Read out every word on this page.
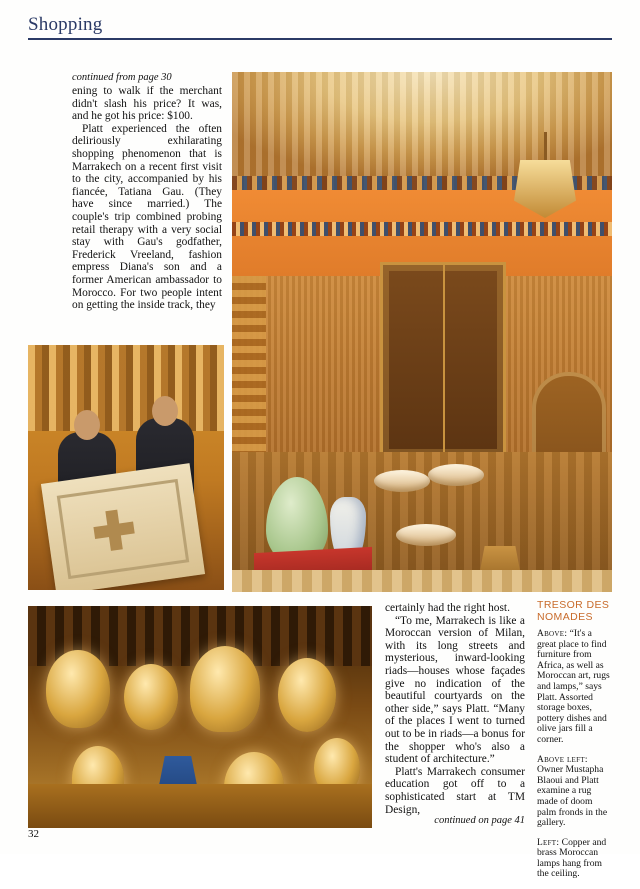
Shopping
continued from page 30

ening to walk if the merchant didn't slash his price? It was, and he got his price: $100.

Platt experienced the often deliriously exhilarating shopping phenomenon that is Marrakech on a recent first visit to the city, accompanied by his fiancée, Tatiana Gau. (They have since married.) The couple's trip combined probing retail therapy with a very social stay with Gau's godfather, Frederick Vreeland, fashion empress Diana's son and a former American ambassador to Morocco. For two people intent on getting the inside track, they

certainly had the right host.

“To me, Marrakech is like a Moroccan version of Milan, with its long streets and mysterious, inward-looking riads—houses whose façades give no indication of the beautiful courtyards on the other side,” says Platt. “Many of the places I went to turned out to be in riads—a bonus for the shopper who's also a student of architecture.”

Platt's Marrakech consumer education got off to a sophisticated start at TM Design,

continued on page 41
TRESOR DES
NOMADES
Above: “It's a great place to find furniture from Africa, as well as Moroccan art, rugs and lamps,” says Platt. Assorted storage boxes, pottery dishes and olive jars fill a corner.
Above left: Owner Mustapha Blaoui and Platt examine a rug made of doom palm fronds in the gallery.
Left: Copper and brass Moroccan lamps hang from the ceiling.
32
